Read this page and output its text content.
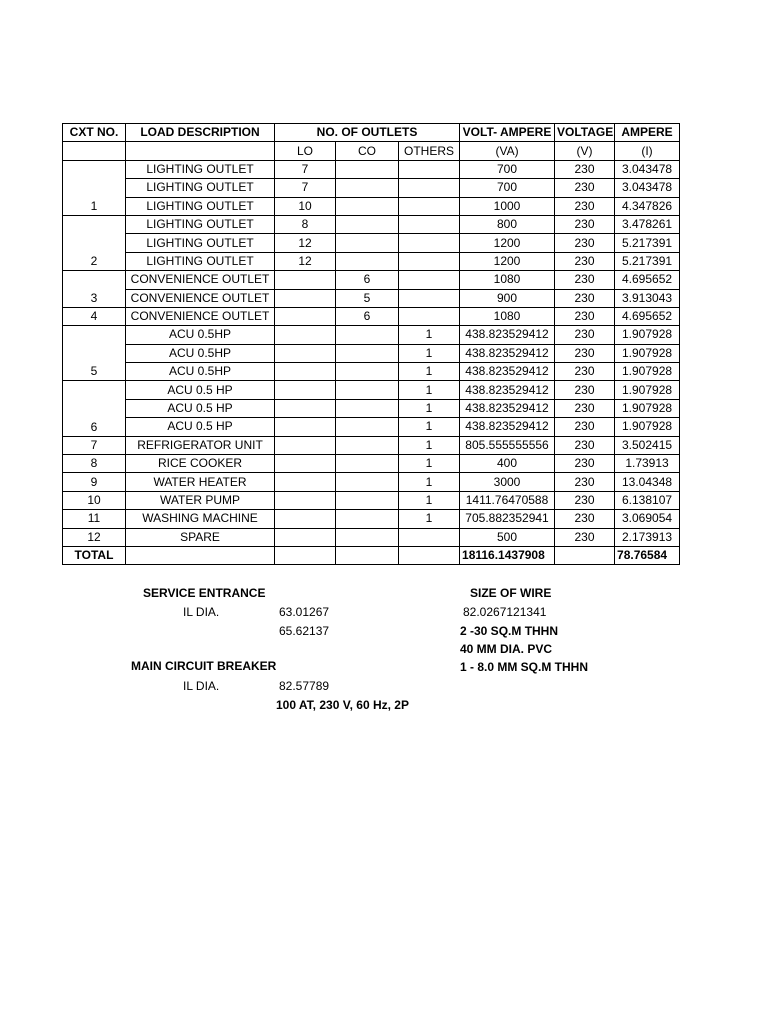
CXT NO.	LOAD DESCRIPTION	NO. OF OUTLETS			VOLT- AMPERE	VOLTAGE	AMPERE
		LO	CO	OTHERS	(VA)	(V)	(I)
1	LIGHTING OUTLET	7			700	230	3.043478
	LIGHTING OUTLET	7			700	230	3.043478
	LIGHTING OUTLET	10			1000	230	4.347826
2	LIGHTING OUTLET	8			800	230	3.478261
	LIGHTING OUTLET	12			1200	230	5.217391
	LIGHTING OUTLET	12			1200	230	5.217391
3	CONVENIENCE OUTLET		6		1080	230	4.695652
	CONVENIENCE OUTLET		5		900	230	3.913043
4	CONVENIENCE OUTLET		6		1080	230	4.695652
5	ACU 0.5HP			1	438.823529412	230	1.907928
	ACU 0.5HP			1	438.823529412	230	1.907928
	ACU 0.5HP			1	438.823529412	230	1.907928
6	ACU 0.5 HP			1	438.823529412	230	1.907928
	ACU 0.5 HP			1	438.823529412	230	1.907928
	ACU 0.5 HP			1	438.823529412	230	1.907928
7	REFRIGERATOR UNIT			1	805.555555556	230	3.502415
8	RICE COOKER			1	400	230	1.73913
9	WATER HEATER			1	3000	230	13.04348
10	WATER PUMP			1	1411.76470588	230	6.138107
11	WASHING MACHINE			1	705.882352941	230	3.069054
12	SPARE				500	230	2.173913
TOTAL					18116.1437908		78.76584
SERVICE ENTRANCE
IL DIA.	63.01267
65.62137
SIZE OF WIRE
82.0267121341
2 -30 SQ.M THHN
40 MM DIA. PVC
1 - 8.0 MM SQ.M THHN
MAIN CIRCUIT BREAKER
IL DIA.	82.57789
100 AT, 230 V, 60 Hz, 2P
